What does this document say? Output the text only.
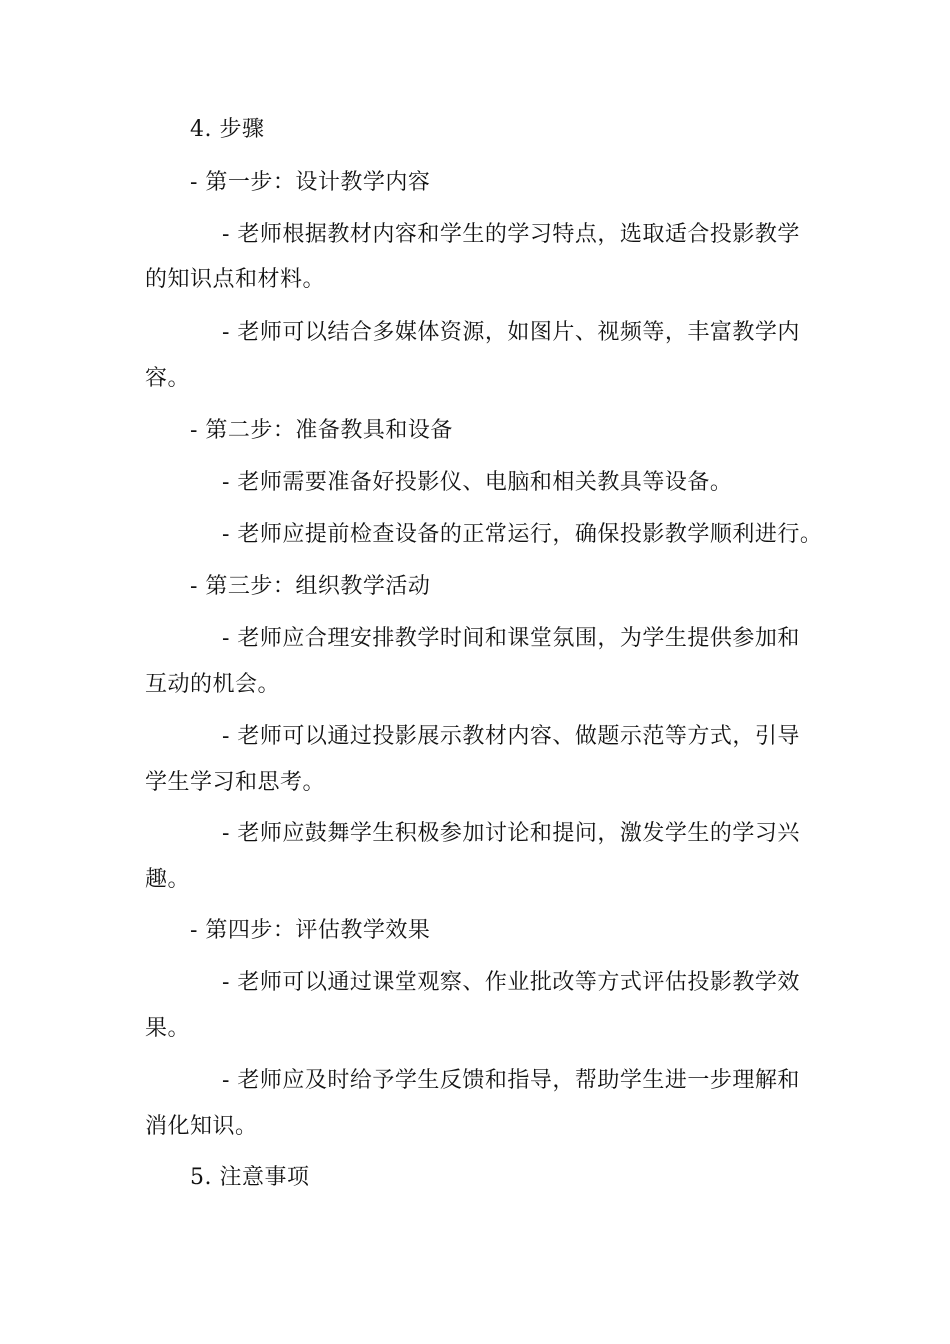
4. 步骤
- 第一步：设计教学内容
- 老师根据教材内容和学生的学习特点，选取适合投影教学
的知识点和材料。
- 老师可以结合多媒体资源，如图片、视频等，丰富教学内
容。
- 第二步：准备教具和设备
- 老师需要准备好投影仪、电脑和相关教具等设备。
- 老师应提前检查设备的正常运行，确保投影教学顺利进行。
- 第三步：组织教学活动
- 老师应合理安排教学时间和课堂氛围，为学生提供参加和
互动的机会。
- 老师可以通过投影展示教材内容、做题示范等方式，引导
学生学习和思考。
- 老师应鼓舞学生积极参加讨论和提问，激发学生的学习兴
趣。
- 第四步：评估教学效果
- 老师可以通过课堂观察、作业批改等方式评估投影教学效
果。
- 老师应及时给予学生反馈和指导，帮助学生进一步理解和
消化知识。
5. 注意事项
